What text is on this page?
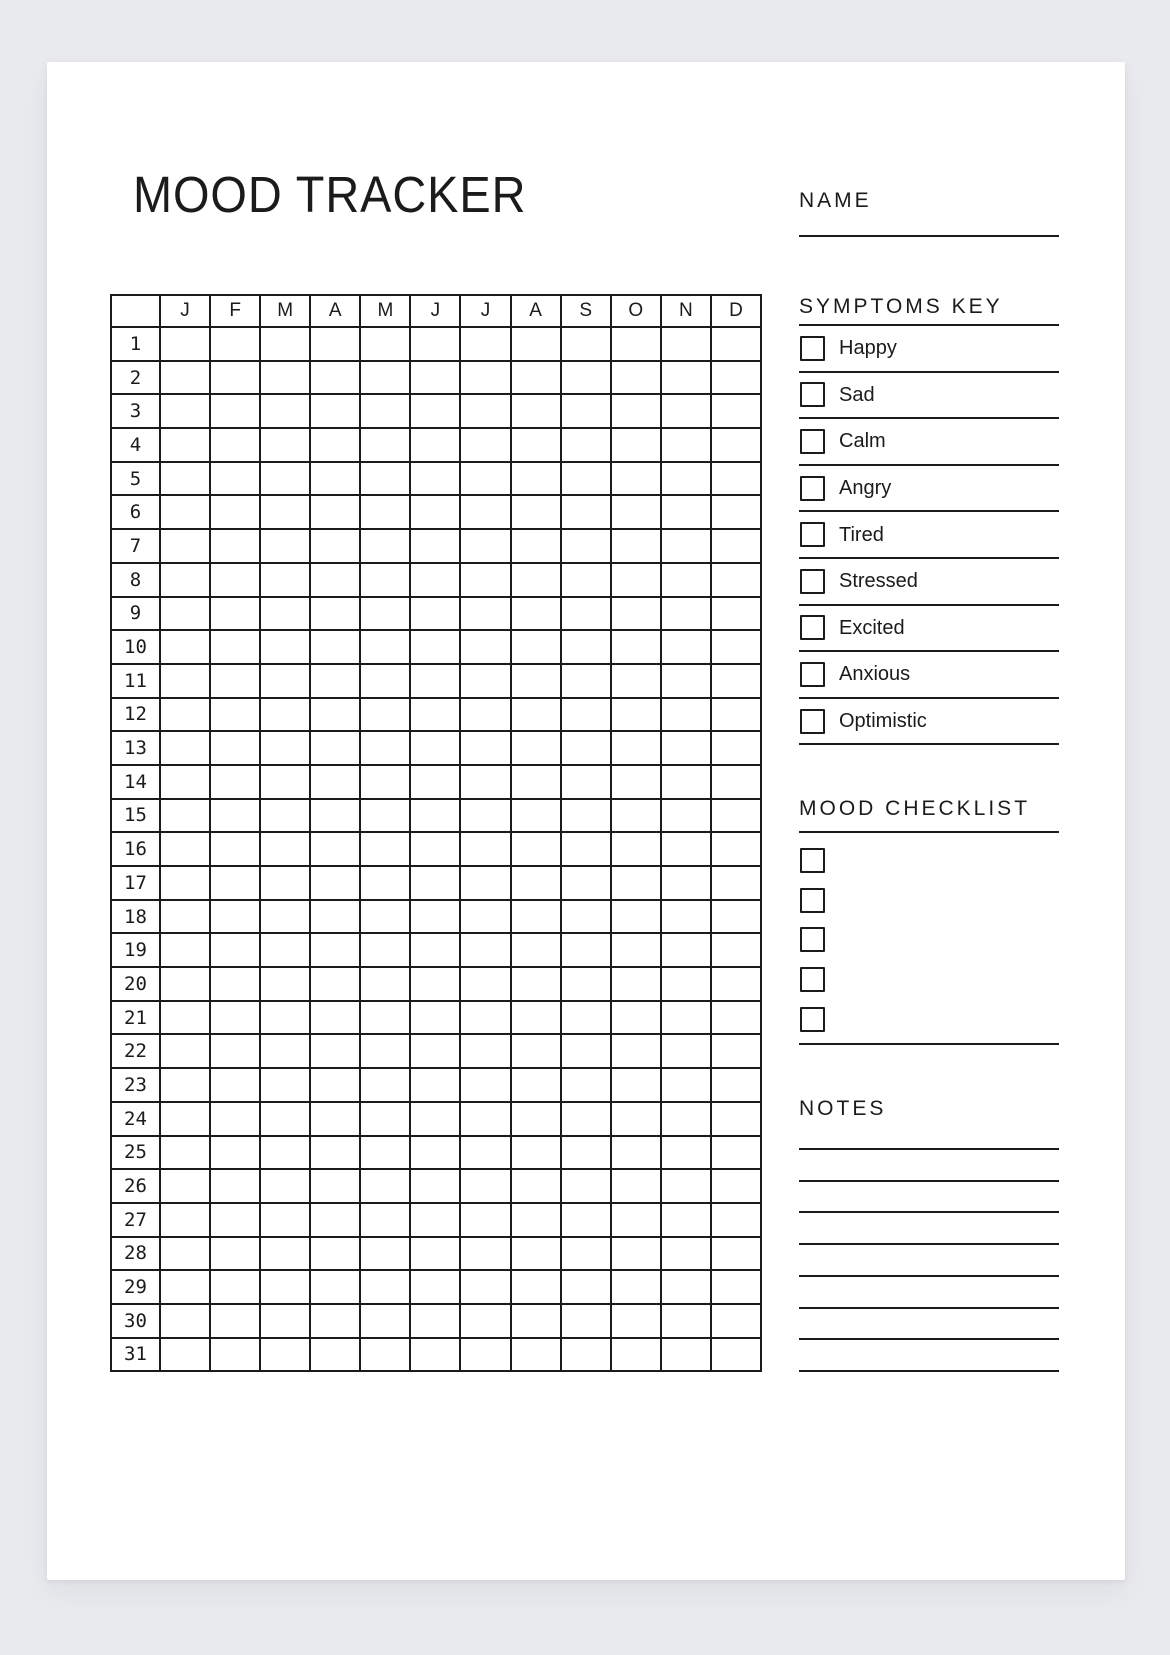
MOOD TRACKER	NAME
	J	F	M	A	M	J	J	A	S	O	N	D
1												
2												
3												
4												
5												
6												
7												
8												
9												
10												
11												
12												
13												
14												
15												
16												
17												
18												
19												
20												
21												
22												
23												
24												
25												
26												
27												
28												
29												
30												
31												
SYMPTOMS KEY
Happy
Sad
Calm
Angry
Tired
Stressed
Excited
Anxious
Optimistic
MOOD CHECKLIST
NOTES
